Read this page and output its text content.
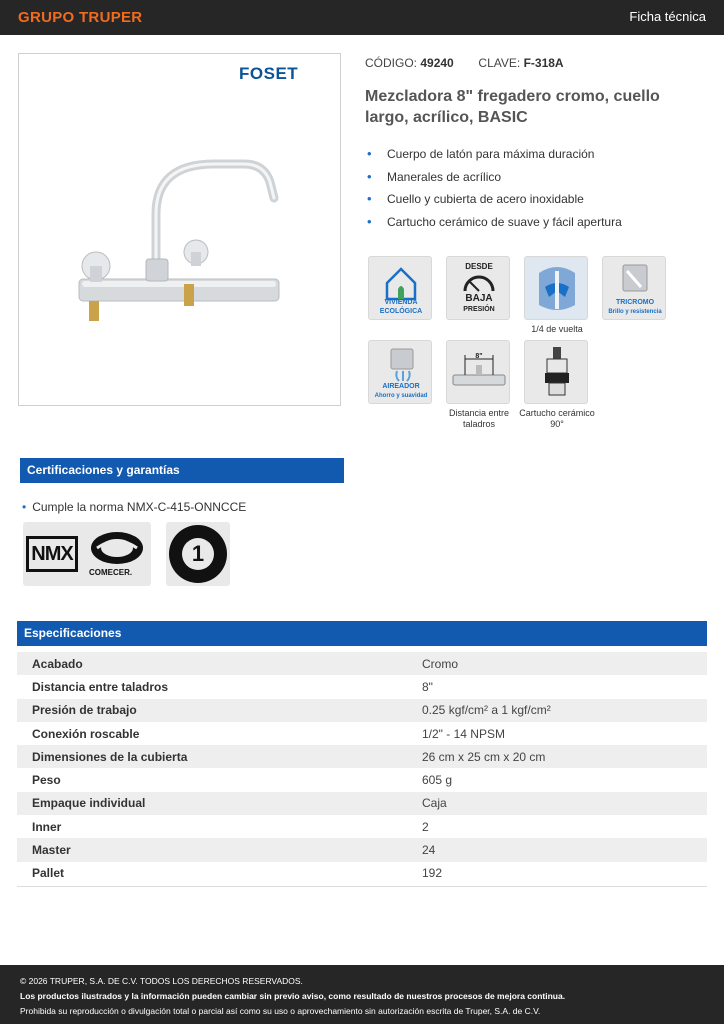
GRUPO TRUPER	Ficha técnica
FOSET
CÓDIGO: 49240 CLAVE: F-318A
Mezcladora 8" fregadero cromo, cuello largo, acrílico, BASIC
• Cuerpo de latón para máxima duración
• Manerales de acrílico
• Cuello y cubierta de acero inoxidable
• Cartucho cerámico de suave y fácil apertura
VIVIENDA
ECOLÓGICA
DESDE
BAJA
PRESIÓN
1/4 de vuelta
TRICROMO
Brillo y resistencia
AIREADOR
Ahorro y suavidad
8"
Distancia entre taladros
Cartucho cerámico 90°
Certificaciones y garantías
• Cumple la norma NMX-C-415-ONNCCE
NMX
COMECER.
1
Especificaciones
Acabado	Cromo
Distancia entre taladros	8"
Presión de trabajo	0.25 kgf/cm² a 1 kgf/cm²
Conexión roscable	1/2" - 14 NPSM
Dimensiones de la cubierta	26 cm x 25 cm x 20 cm
Peso	605 g
Empaque individual	Caja
Inner	2
Master	24
Pallet	192
© 2026 TRUPER, S.A. DE C.V. TODOS LOS DERECHOS RESERVADOS.
Los productos ilustrados y la información pueden cambiar sin previo aviso, como resultado de nuestros procesos de mejora continua.
Prohibida su reproducción o divulgación total o parcial así como su uso o aprovechamiento sin autorización escrita de Truper, S.A. de C.V.
